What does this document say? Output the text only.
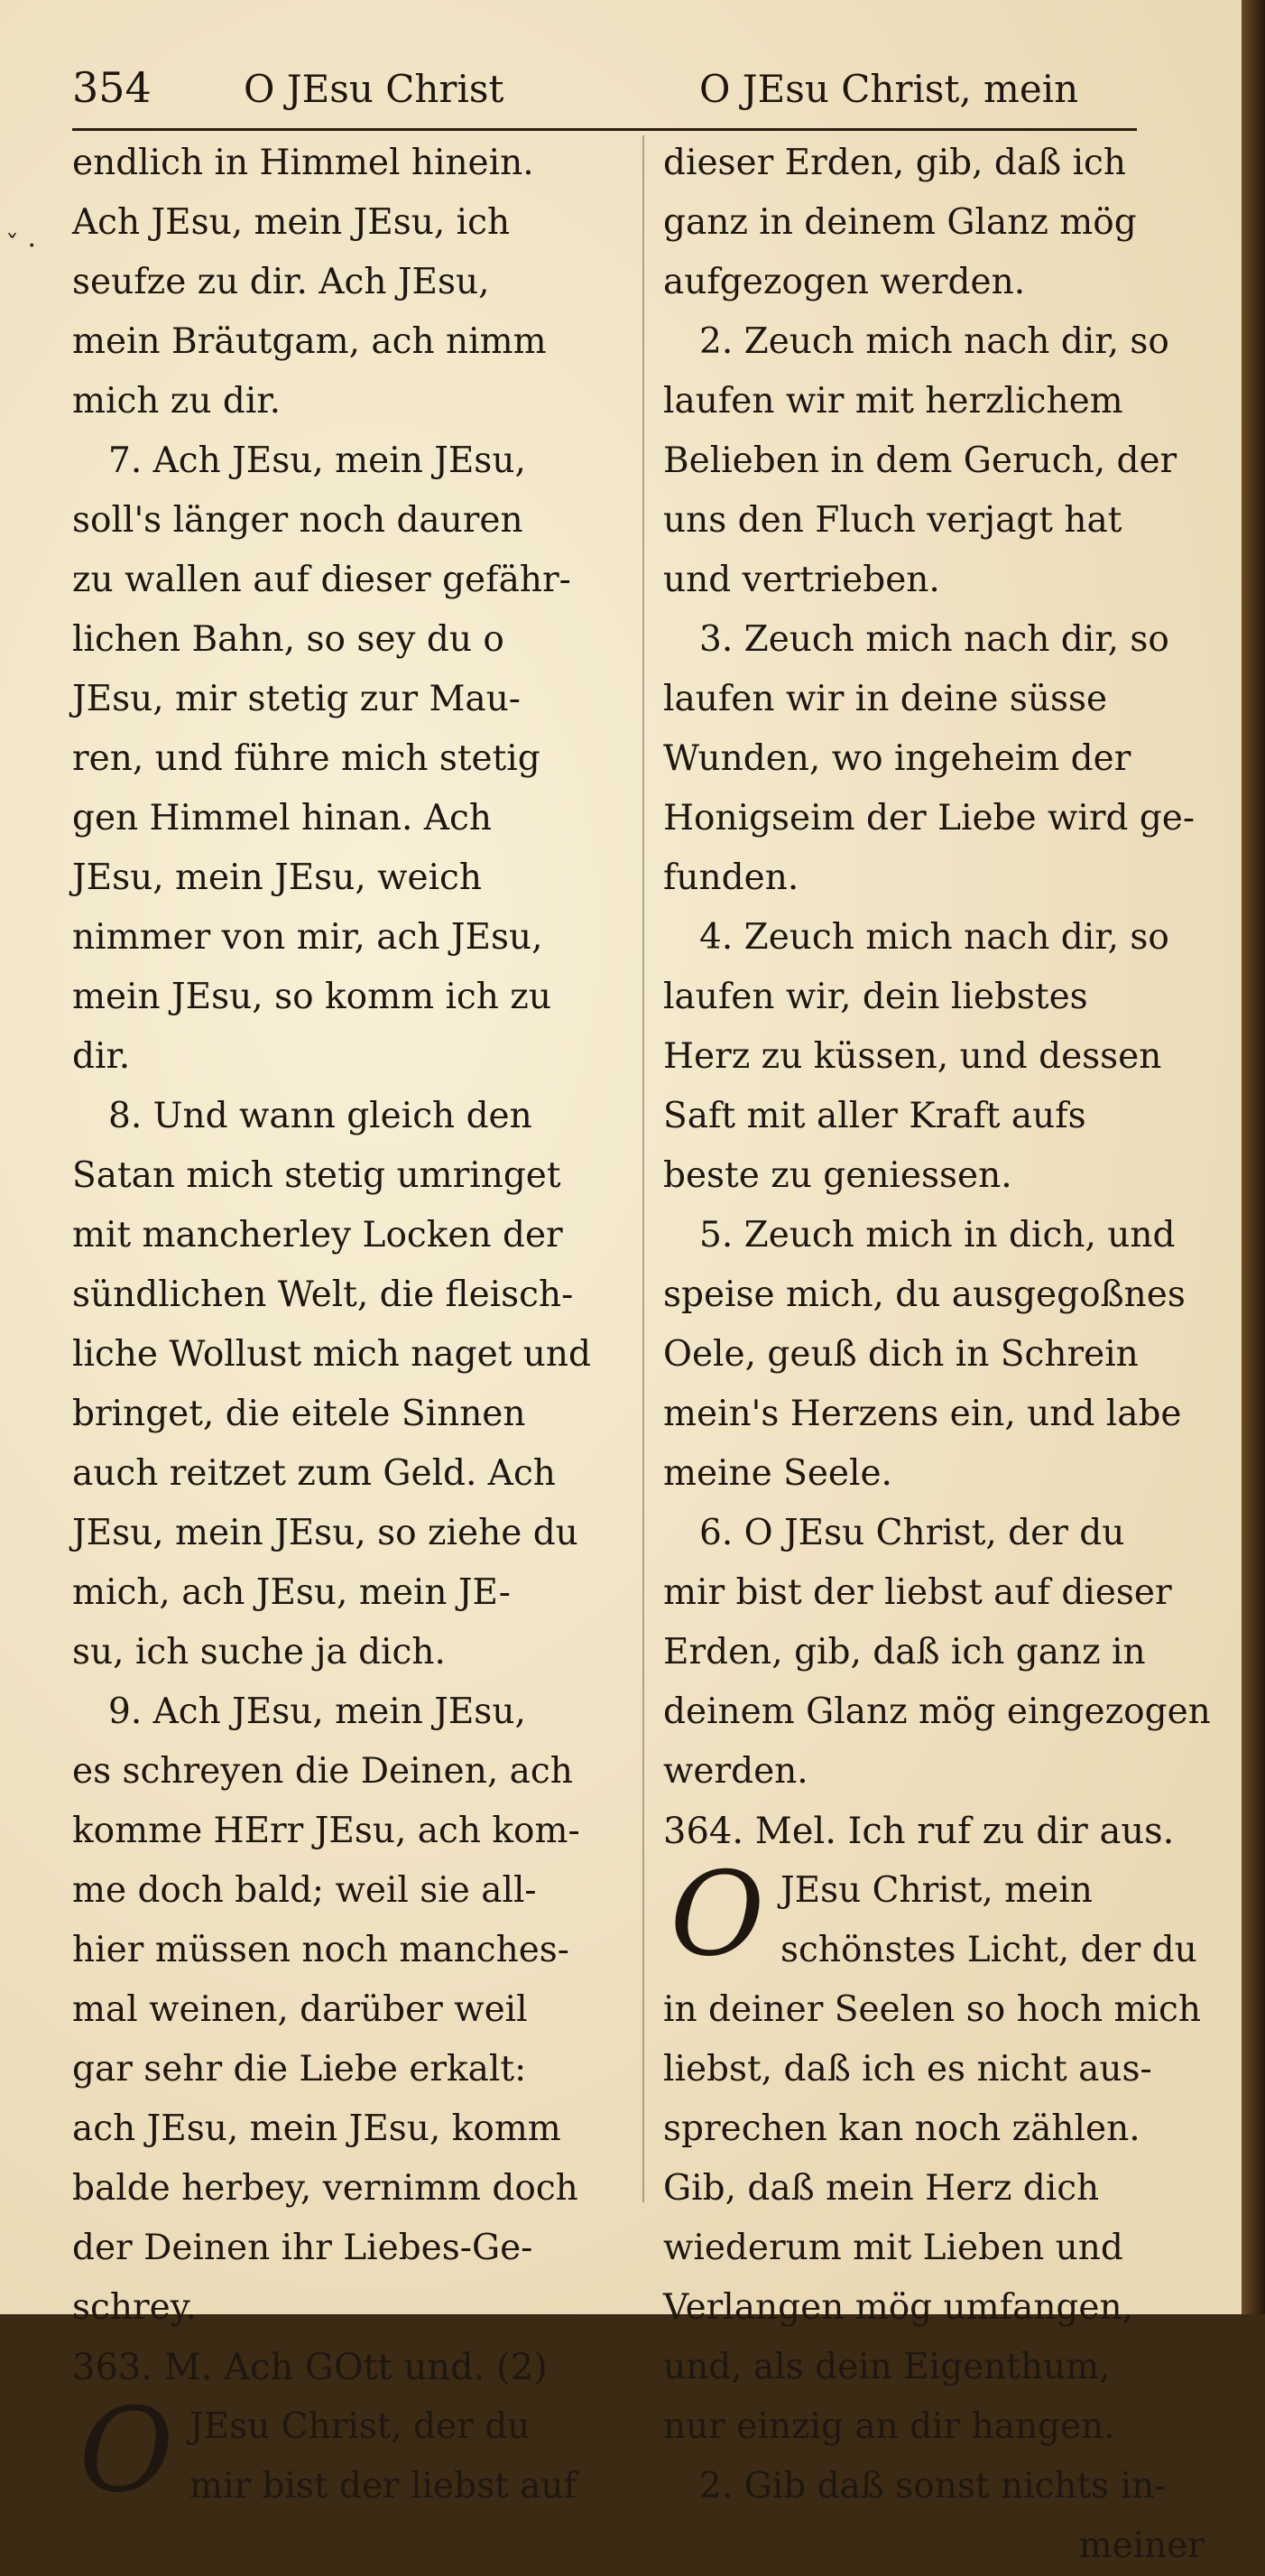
ˇ ·
354 O JEsu Christ	O JEsu Christ, mein
endlich in Himmel hinein.
Ach JEsu, mein JEsu, ich
seufze zu dir. Ach JEsu,
mein Bräutgam, ach nimm
mich zu dir.
7. Ach JEsu, mein JEsu,
soll's länger noch dauren
zu wallen auf dieser gefähr-
lichen Bahn, so sey du o
JEsu, mir stetig zur Mau-
ren, und führe mich stetig
gen Himmel hinan. Ach
JEsu, mein JEsu, weich
nimmer von mir, ach JEsu,
mein JEsu, so komm ich zu
dir.
8. Und wann gleich den
Satan mich stetig umringet
mit mancherley Locken der
sündlichen Welt, die fleisch-
liche Wollust mich naget und
bringet, die eitele Sinnen
auch reitzet zum Geld. Ach
JEsu, mein JEsu, so ziehe du
mich, ach JEsu, mein JE-
su, ich suche ja dich.
9. Ach JEsu, mein JEsu,
es schreyen die Deinen, ach
komme HErr JEsu, ach kom-
me doch bald; weil sie all-
hier müssen noch manches-
mal weinen, darüber weil
gar sehr die Liebe erkalt:
ach JEsu, mein JEsu, komm
balde herbey, vernimm doch
der Deinen ihr Liebes-Ge-
schrey.
363. M. Ach GOtt und. (2)
O JEsu Christ, der du
mir bist der liebst auf
dieser Erden, gib, daß ich
ganz in deinem Glanz mög
aufgezogen werden.
2. Zeuch mich nach dir, so
laufen wir mit herzlichem
Belieben in dem Geruch, der
uns den Fluch verjagt hat
und vertrieben.
3. Zeuch mich nach dir, so
laufen wir in deine süsse
Wunden, wo ingeheim der
Honigseim der Liebe wird ge-
funden.
4. Zeuch mich nach dir, so
laufen wir, dein liebstes
Herz zu küssen, und dessen
Saft mit aller Kraft aufs
beste zu geniessen.
5. Zeuch mich in dich, und
speise mich, du ausgegoßnes
Oele, geuß dich in Schrein
mein's Herzens ein, und labe
meine Seele.
6. O JEsu Christ, der du
mir bist der liebst auf dieser
Erden, gib, daß ich ganz in
deinem Glanz mög eingezogen
werden.
364. Mel. Ich ruf zu dir aus.
O JEsu Christ, mein
schönstes Licht, der du
in deiner Seelen so hoch mich
liebst, daß ich es nicht aus-
sprechen kan noch zählen.
Gib, daß mein Herz dich
wiederum mit Lieben und
Verlangen mög umfangen,
und, als dein Eigenthum,
nur einzig an dir hangen.
2. Gib daß sonst nichts in-
meiner
